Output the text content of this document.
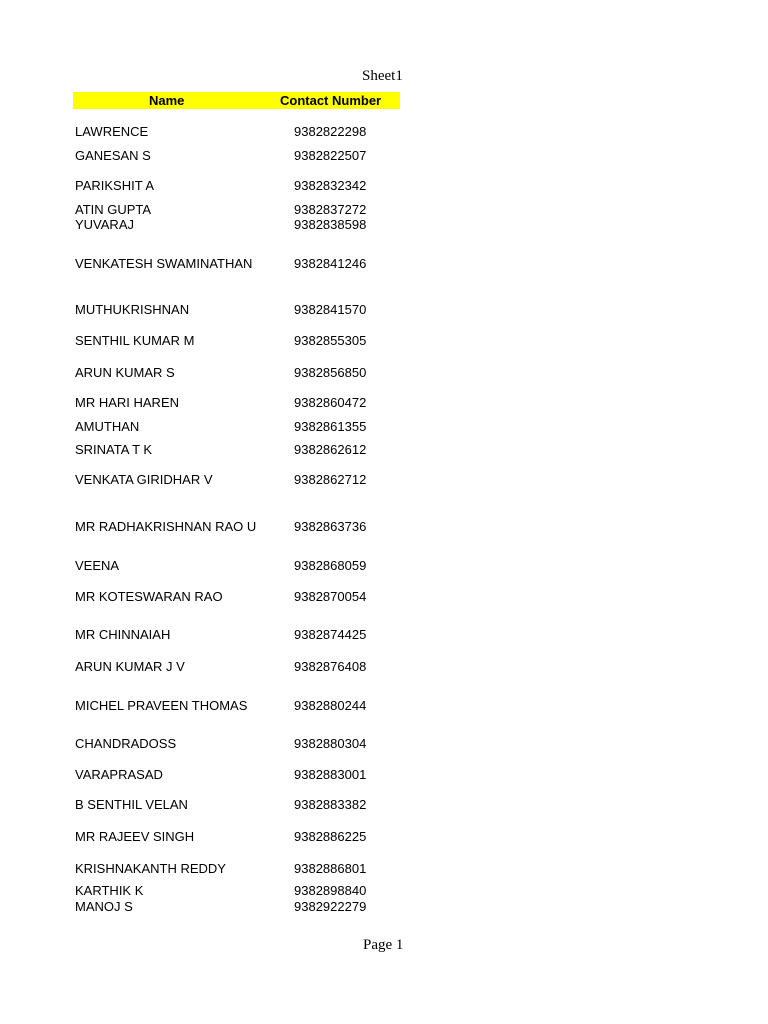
Sheet1
Name	Contact Number
LAWRENCE	9382822298
GANESAN S	9382822507
PARIKSHIT A	9382832342
ATIN GUPTA	9382837272
YUVARAJ	9382838598
VENKATESH SWAMINATHAN	9382841246
MUTHUKRISHNAN	9382841570
SENTHIL KUMAR M	9382855305
ARUN KUMAR S	9382856850
MR HARI HAREN	9382860472
AMUTHAN	9382861355
SRINATA T K	9382862612
VENKATA GIRIDHAR V	9382862712
MR RADHAKRISHNAN RAO U	9382863736
VEENA	9382868059
MR KOTESWARAN RAO	9382870054
MR CHINNAIAH	9382874425
ARUN KUMAR J V	9382876408
MICHEL PRAVEEN THOMAS	9382880244
CHANDRADOSS	9382880304
VARAPRASAD	9382883001
B SENTHIL VELAN	9382883382
MR RAJEEV SINGH	9382886225
KRISHNAKANTH REDDY	9382886801
KARTHIK K	9382898840
MANOJ S	9382922279
Page 1
